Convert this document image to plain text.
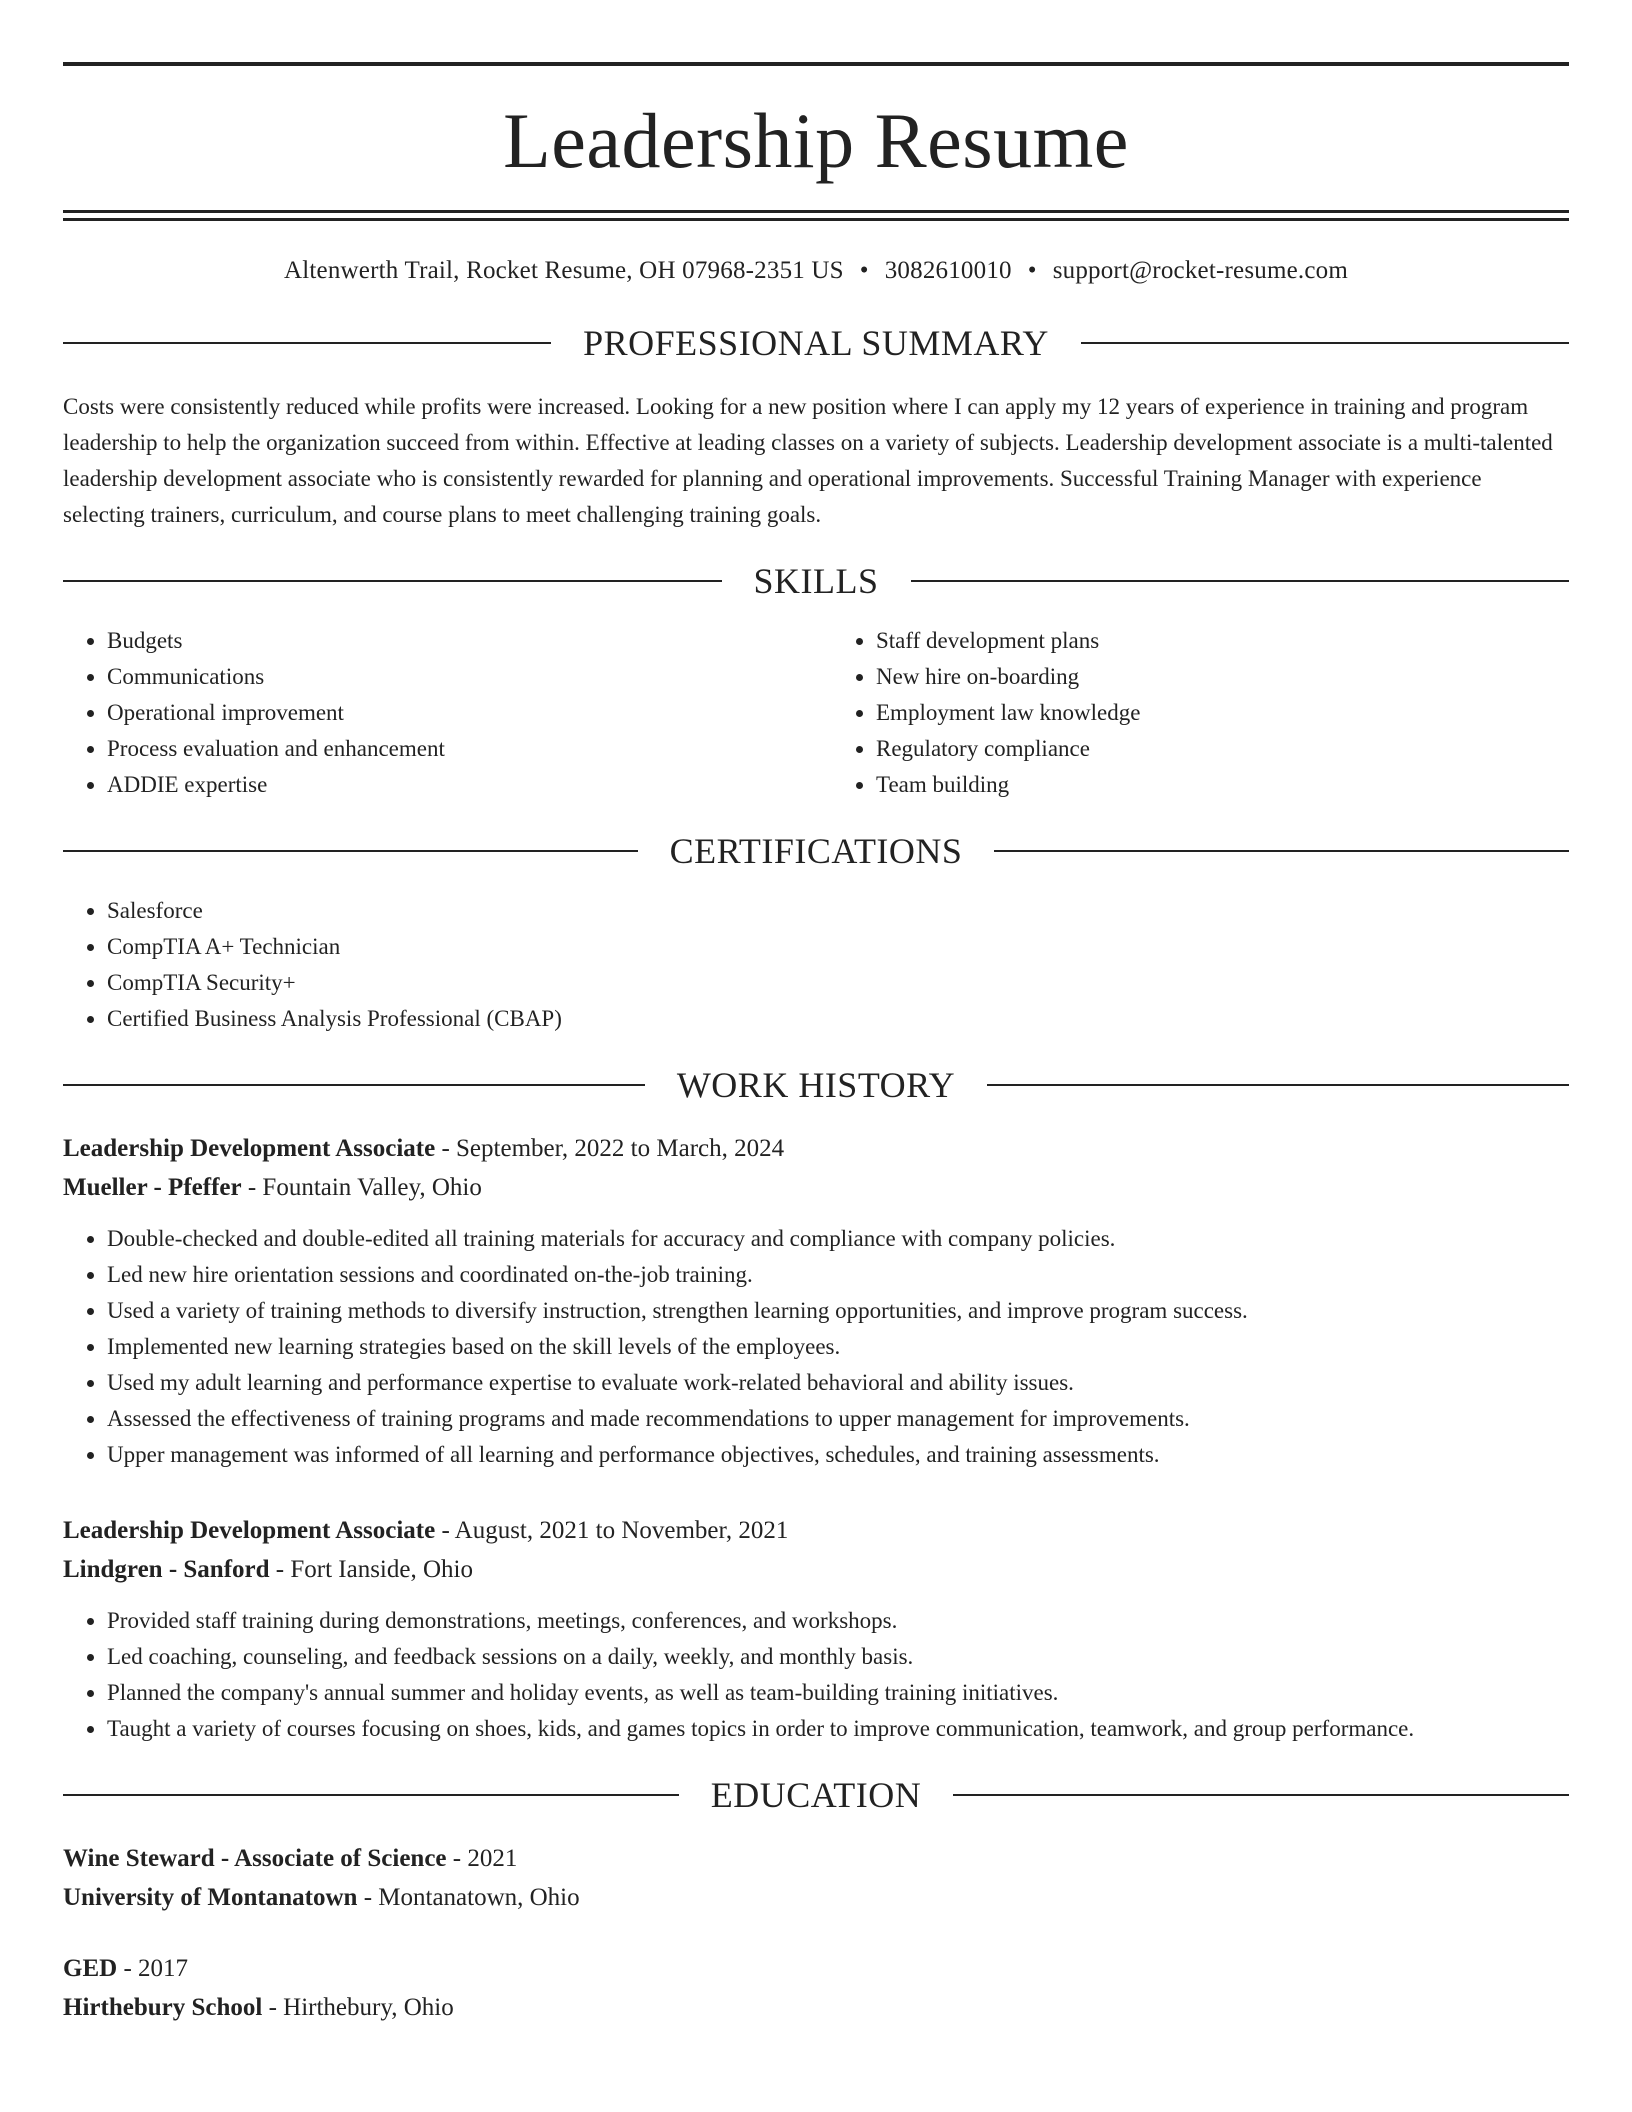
Leadership Resume
Altenwerth Trail, Rocket Resume, OH 07968-2351 US • 3082610010 • support@rocket-resume.com
PROFESSIONAL SUMMARY
Costs were consistently reduced while profits were increased. Looking for a new position where I can apply my 12 years of experience in training and program leadership to help the organization succeed from within. Effective at leading classes on a variety of subjects. Leadership development associate is a multi-talented leadership development associate who is consistently rewarded for planning and operational improvements. Successful Training Manager with experience selecting trainers, curriculum, and course plans to meet challenging training goals.
SKILLS
• Budgets
• Communications
• Operational improvement
• Process evaluation and enhancement
• ADDIE expertise
• Staff development plans
• New hire on-boarding
• Employment law knowledge
• Regulatory compliance
• Team building
CERTIFICATIONS
• Salesforce
• CompTIA A+ Technician
• CompTIA Security+
• Certified Business Analysis Professional (CBAP)
WORK HISTORY
Leadership Development Associate - September, 2022 to March, 2024
Mueller - Pfeffer - Fountain Valley, Ohio
• Double-checked and double-edited all training materials for accuracy and compliance with company policies.
• Led new hire orientation sessions and coordinated on-the-job training.
• Used a variety of training methods to diversify instruction, strengthen learning opportunities, and improve program success.
• Implemented new learning strategies based on the skill levels of the employees.
• Used my adult learning and performance expertise to evaluate work-related behavioral and ability issues.
• Assessed the effectiveness of training programs and made recommendations to upper management for improvements.
• Upper management was informed of all learning and performance objectives, schedules, and training assessments.
Leadership Development Associate - August, 2021 to November, 2021
Lindgren - Sanford - Fort Ianside, Ohio
• Provided staff training during demonstrations, meetings, conferences, and workshops.
• Led coaching, counseling, and feedback sessions on a daily, weekly, and monthly basis.
• Planned the company's annual summer and holiday events, as well as team-building training initiatives.
• Taught a variety of courses focusing on shoes, kids, and games topics in order to improve communication, teamwork, and group performance.
EDUCATION
Wine Steward - Associate of Science - 2021
University of Montanatown - Montanatown, Ohio
GED - 2017
Hirthebury School - Hirthebury, Ohio
